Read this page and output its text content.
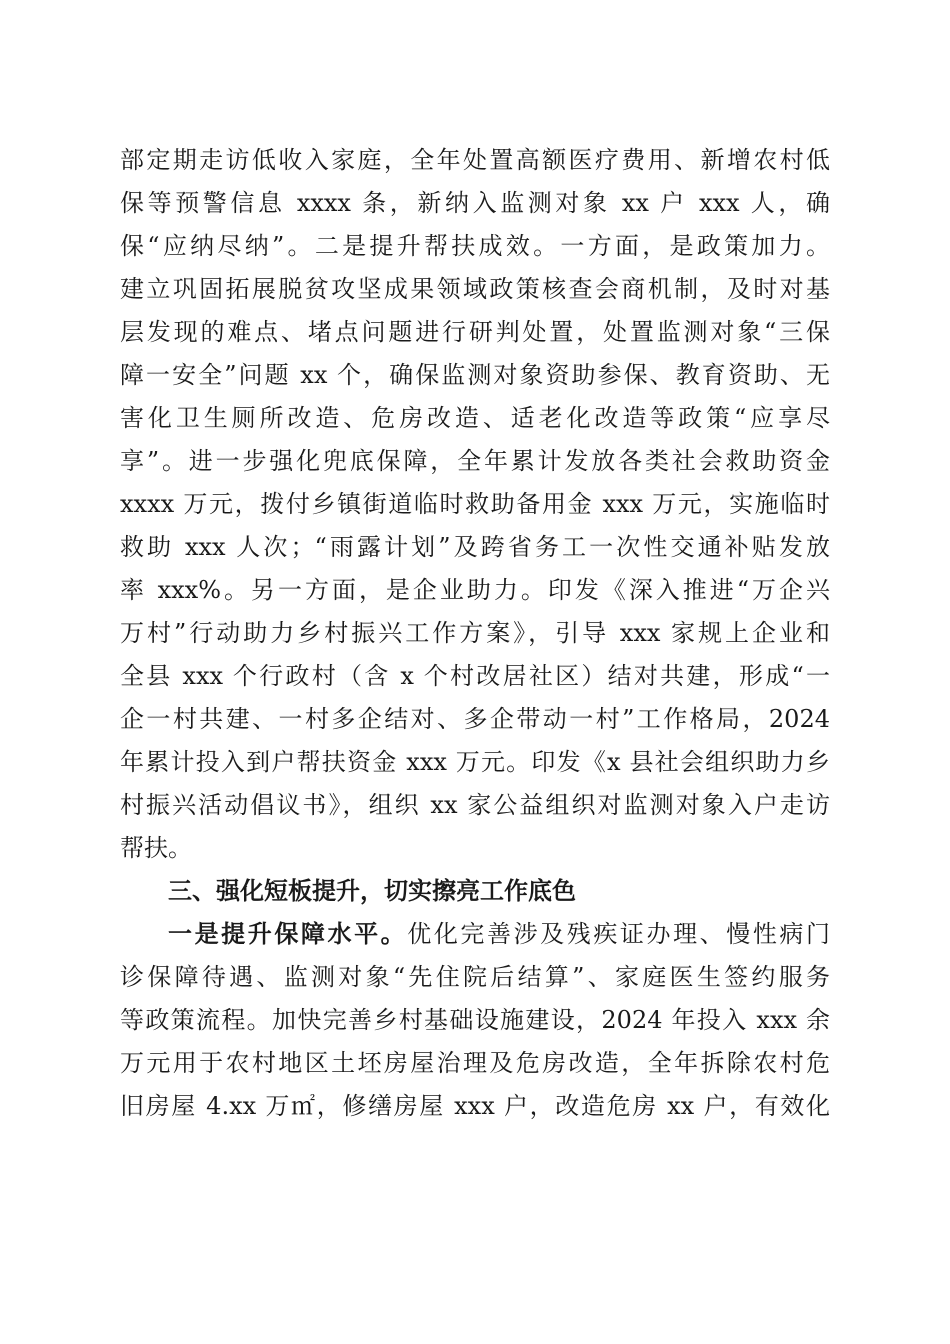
部定期走访低收入家庭，全年处置高额医疗费用、新增农村低
保等预警信息 xxxx 条，新纳入监测对象 xx 户 xxx 人，确
保“应纳尽纳”。二是提升帮扶成效。一方面，是政策加力。
建立巩固拓展脱贫攻坚成果领域政策核查会商机制，及时对基
层发现的难点、堵点问题进行研判处置，处置监测对象“三保
障一安全”问题 xx 个，确保监测对象资助参保、教育资助、无
害化卫生厕所改造、危房改造、适老化改造等政策“应享尽
享”。进一步强化兜底保障，全年累计发放各类社会救助资金
xxxx 万元，拨付乡镇街道临时救助备用金 xxx 万元，实施临时
救助 xxx 人次；“雨露计划”及跨省务工一次性交通补贴发放
率 xxx%。另一方面，是企业助力。印发《深入推进“万企兴
万村”行动助力乡村振兴工作方案》，引导 xxx 家规上企业和
全县 xxx 个行政村（含 x 个村改居社区）结对共建，形成“一
企一村共建、一村多企结对、多企带动一村”工作格局，2024
年累计投入到户帮扶资金 xxx 万元。印发《x 县社会组织助力乡
村振兴活动倡议书》，组织 xx 家公益组织对监测对象入户走访
帮扶。
三、强化短板提升，切实擦亮工作底色
一是提升保障水平。优化完善涉及残疾证办理、慢性病门
诊保障待遇、监测对象“先住院后结算”、家庭医生签约服务
等政策流程。加快完善乡村基础设施建设，2024 年投入 xxx 余
万元用于农村地区土坯房屋治理及危房改造，全年拆除农村危
旧房屋 4.xx 万㎡，修缮房屋 xxx 户，改造危房 xx 户，有效化
